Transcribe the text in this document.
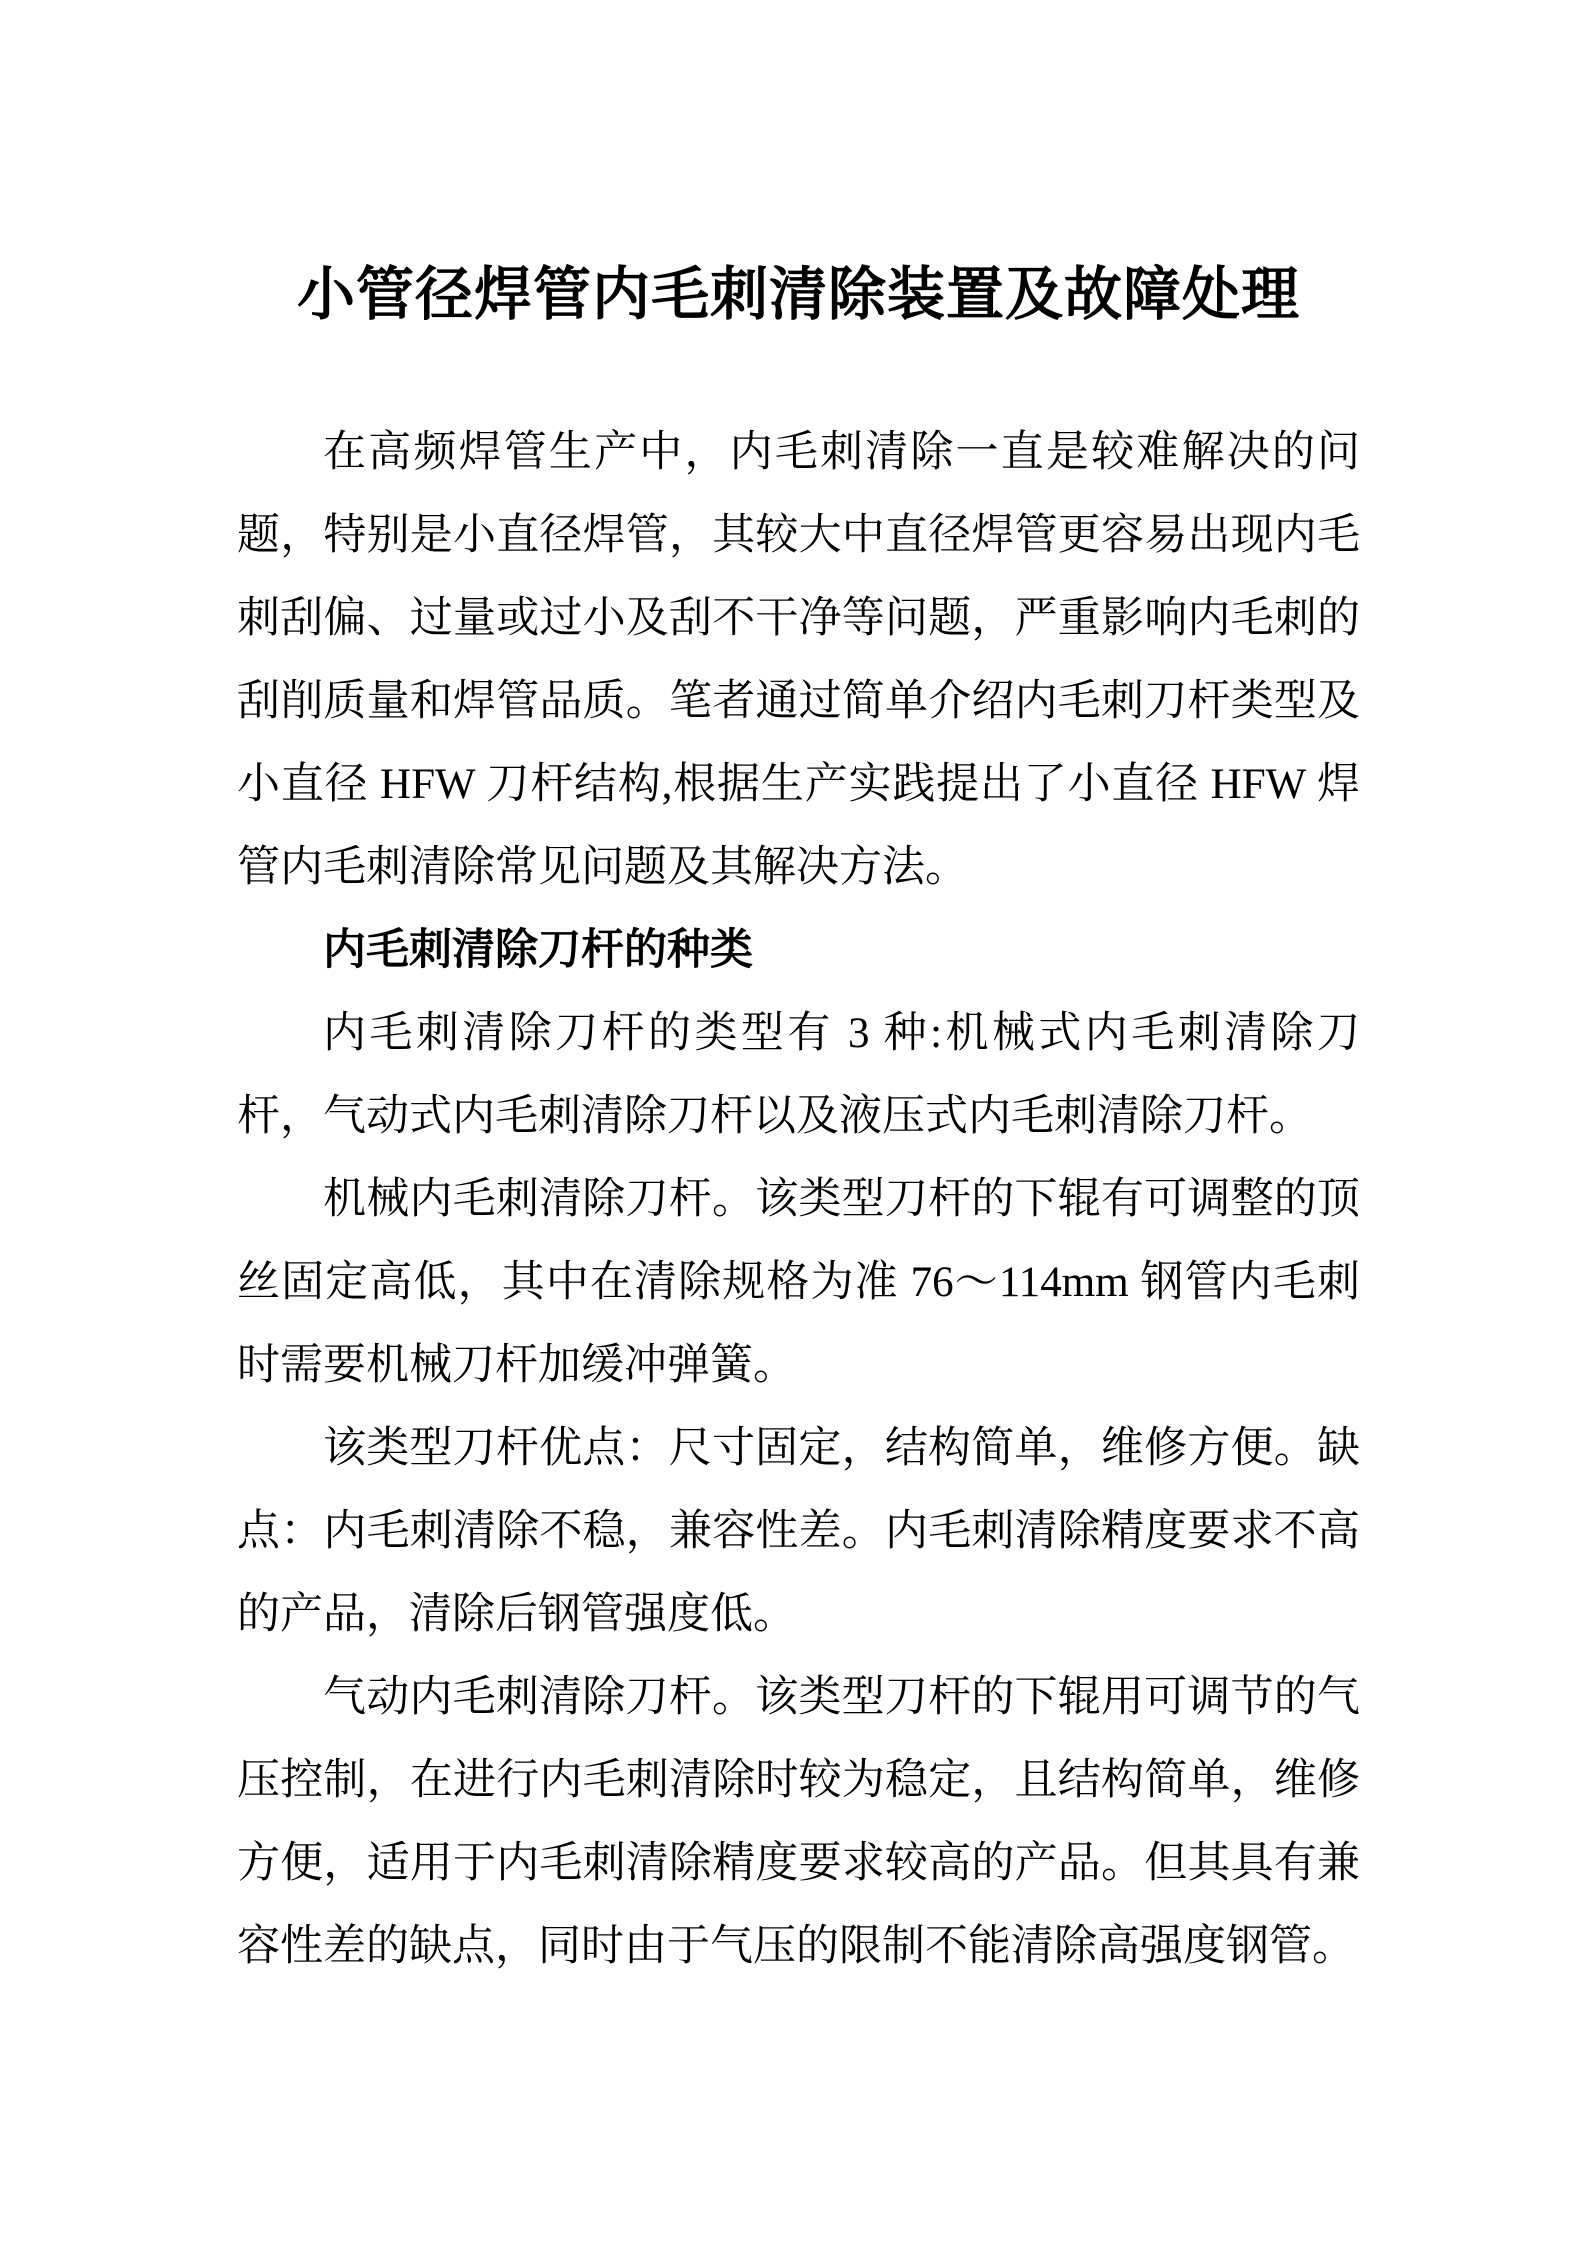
小管径焊管内毛刺清除装置及故障处理

在高频焊管生产中，内毛刺清除一直是较难解决的问题，特别是小直径焊管，其较大中直径焊管更容易出现内毛刺刮偏、过量或过小及刮不干净等问题，严重影响内毛刺的刮削质量和焊管品质。笔者通过简单介绍内毛刺刀杆类型及小直径 HFW 刀杆结构,根据生产实践提出了小直径 HFW 焊管内毛刺清除常见问题及其解决方法。

内毛刺清除刀杆的种类

内毛刺清除刀杆的类型有 3 种:机械式内毛刺清除刀杆，气动式内毛刺清除刀杆以及液压式内毛刺清除刀杆。

机械内毛刺清除刀杆。该类型刀杆的下辊有可调整的顶丝固定高低，其中在清除规格为准 76～114mm 钢管内毛刺时需要机械刀杆加缓冲弹簧。

该类型刀杆优点：尺寸固定，结构简单，维修方便。缺点：内毛刺清除不稳，兼容性差。内毛刺清除精度要求不高的产品，清除后钢管强度低。

气动内毛刺清除刀杆。该类型刀杆的下辊用可调节的气压控制，在进行内毛刺清除时较为稳定，且结构简单，维修方便，适用于内毛刺清除精度要求较高的产品。但其具有兼容性差的缺点，同时由于气压的限制不能清除高强度钢管。
